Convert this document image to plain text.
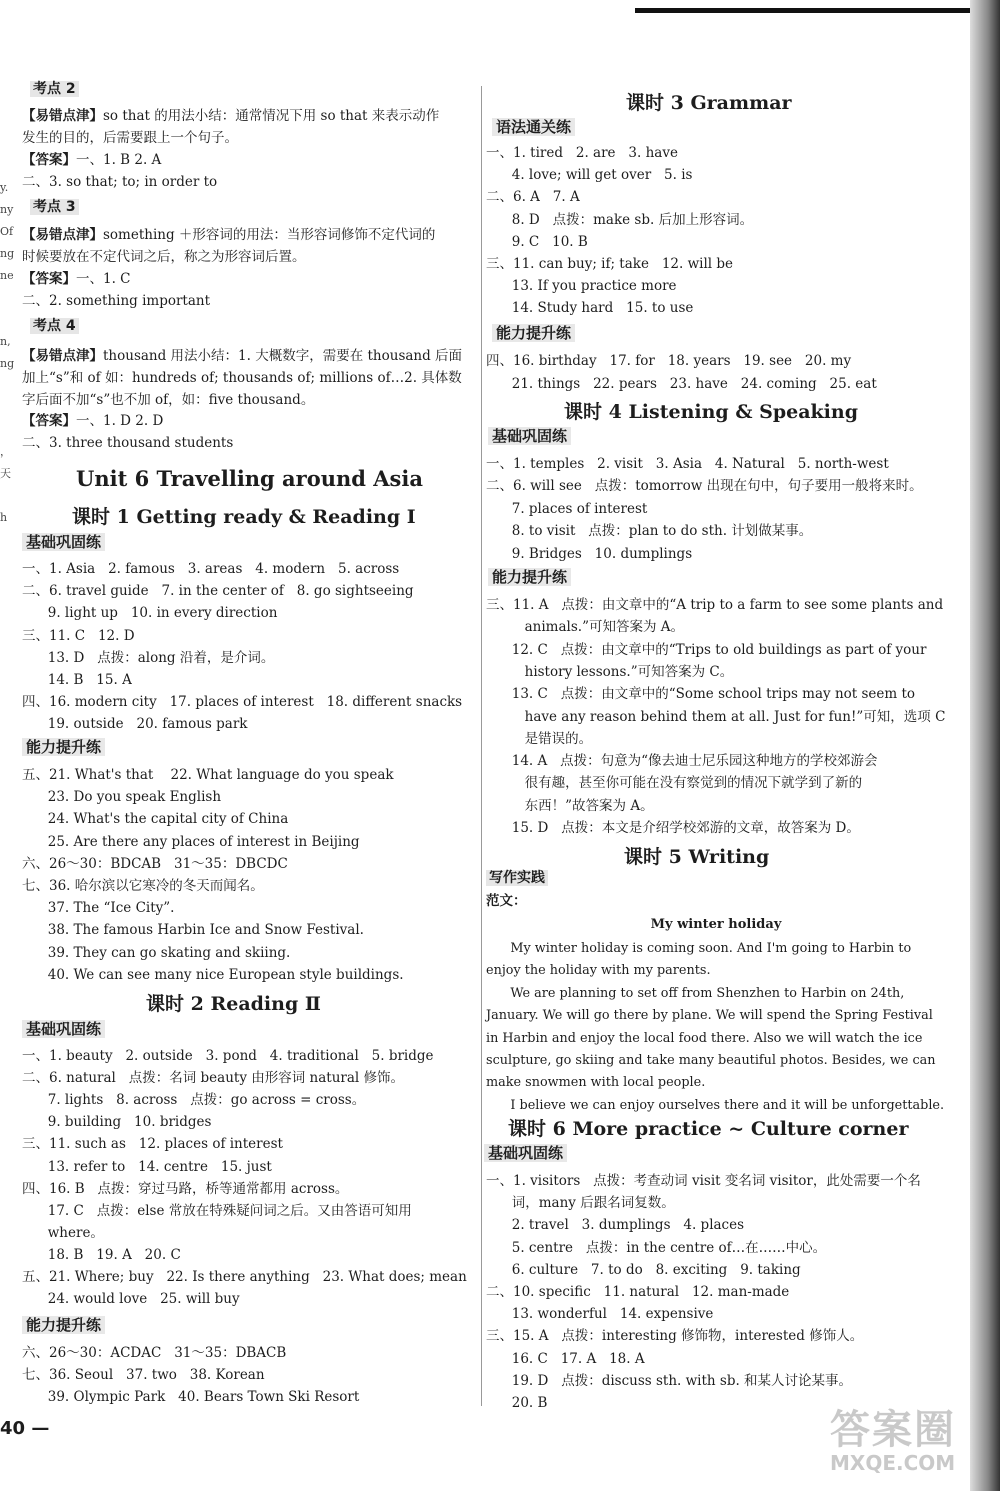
y.
ny
Of
ng
ne

n,
ng

，
天

h
考点 2
【易错点津】so that 的用法小结：通常情况下用 so that 来表示动作
发生的目的，后需要跟上一个句子。
【答案】一、1. B 2. A
二、3. so that; to; in order to
考点 3
【易错点津】something ＋形容词的用法：当形容词修饰不定代词的
时候要放在不定代词之后，称之为形容词后置。
【答案】一、1. C
二、2. something important
考点 4
【易错点津】thousand 用法小结：1. 大概数字，需要在 thousand 后面
加上“s”和 of 如：hundreds of; thousands of; millions of…2. 具体数
字后面不加“s”也不加 of，如：five thousand。
【答案】一、1. D 2. D
二、3. three thousand students
Unit 6 Travelling around Asia
课时 1 Getting ready & Reading Ⅰ
基础巩固练
一、1. Asia   2. famous   3. areas   4. modern   5. across
二、6. travel guide   7. in the center of   8. go sightseeing
9. light up   10. in every direction
三、11. C   12. D
13. D   点拨：along 沿着，是介词。
14. B   15. A
四、16. modern city   17. places of interest   18. different snacks
19. outside   20. famous park
能力提升练
五、21. What's that    22. What language do you speak
23. Do you speak English
24. What's the capital city of China
25. Are there any places of interest in Beijing
六、26～30：BDCAB   31～35：DBCDC
七、36. 哈尔滨以它寒冷的冬天而闻名。
37. The “Ice City”.
38. The famous Harbin Ice and Snow Festival.
39. They can go skating and skiing.
40. We can see many nice European style buildings.
课时 2 Reading Ⅱ
基础巩固练
一、1. beauty   2. outside   3. pond   4. traditional   5. bridge
二、6. natural   点拨：名词 beauty 由形容词 natural 修饰。
7. lights   8. across   点拨：go across = cross。
9. building   10. bridges
三、11. such as   12. places of interest
13. refer to   14. centre   15. just
四、16. B   点拨：穿过马路，桥等通常都用 across。
17. C   点拨：else 常放在特殊疑问词之后。又由答语可知用
where。
18. B   19. A   20. C
五、21. Where; buy   22. Is there anything   23. What does; mean
24. would love   25. will buy
能力提升练
六、26～30：ACDAC   31～35：DBACB
七、36. Seoul   37. two   38. Korean
39. Olympic Park   40. Bears Town Ski Resort
课时 3 Grammar
语法通关练
一、1. tired   2. are   3. have
4. love; will get over   5. is
二、6. A   7. A
8. D   点拨：make sb. 后加上形容词。
9. C   10. B
三、11. can buy; if; take   12. will be
13. If you practice more
14. Study hard   15. to use
能力提升练
四、16. birthday   17. for   18. years   19. see   20. my
21. things   22. pears   23. have   24. coming   25. eat
课时 4 Listening & Speaking
基础巩固练
一、1. temples   2. visit   3. Asia   4. Natural   5. north-west
二、6. will see   点拨：tomorrow 出现在句中，句子要用一般将来时。
7. places of interest
8. to visit   点拨：plan to do sth. 计划做某事。
9. Bridges   10. dumplings
能力提升练
三、11. A   点拨：由文章中的“A trip to a farm to see some plants and
animals.”可知答案为 A。
12. C   点拨：由文章中的“Trips to old buildings as part of your
history lessons.”可知答案为 C。
13. C   点拨：由文章中的“Some school trips may not seem to
have any reason behind them at all. Just for fun!”可知，选项 C
是错误的。
14. A   点拨：句意为“像去迪士尼乐园这种地方的学校郊游会
很有趣，甚至你可能在没有察觉到的情况下就学到了新的
东西！”故答案为 A。
15. D   点拨：本文是介绍学校郊游的文章，故答案为 D。
课时 5 Writing
写作实践
范文：
My winter holiday
My winter holiday is coming soon. And I'm going to Harbin to
enjoy the holiday with my parents.
We are planning to set off from Shenzhen to Harbin on 24th,
January. We will go there by plane. We will spend the Spring Festival
in Harbin and enjoy the local food there. Also we will watch the ice
sculpture, go skiing and take many beautiful photos. Besides, we can
make snowmen with local people.
I believe we can enjoy ourselves there and it will be unforgettable.
课时 6 More practice ~ Culture corner
基础巩固练
一、1. visitors   点拨：考查动词 visit 变名词 visitor，此处需要一个名
词，many 后跟名词复数。
2. travel   3. dumplings   4. places
5. centre   点拨：in the centre of…在……中心。
6. culture   7. to do   8. exciting   9. taking
二、10. specific   11. natural   12. man-made
13. wonderful   14. expensive
三、15. A   点拨：interesting 修饰物，interested 修饰人。
16. C   17. A   18. A
19. D   点拨：discuss sth. with sb. 和某人讨论某事。
20. B
40 —	答案圈
MXQE.COM
